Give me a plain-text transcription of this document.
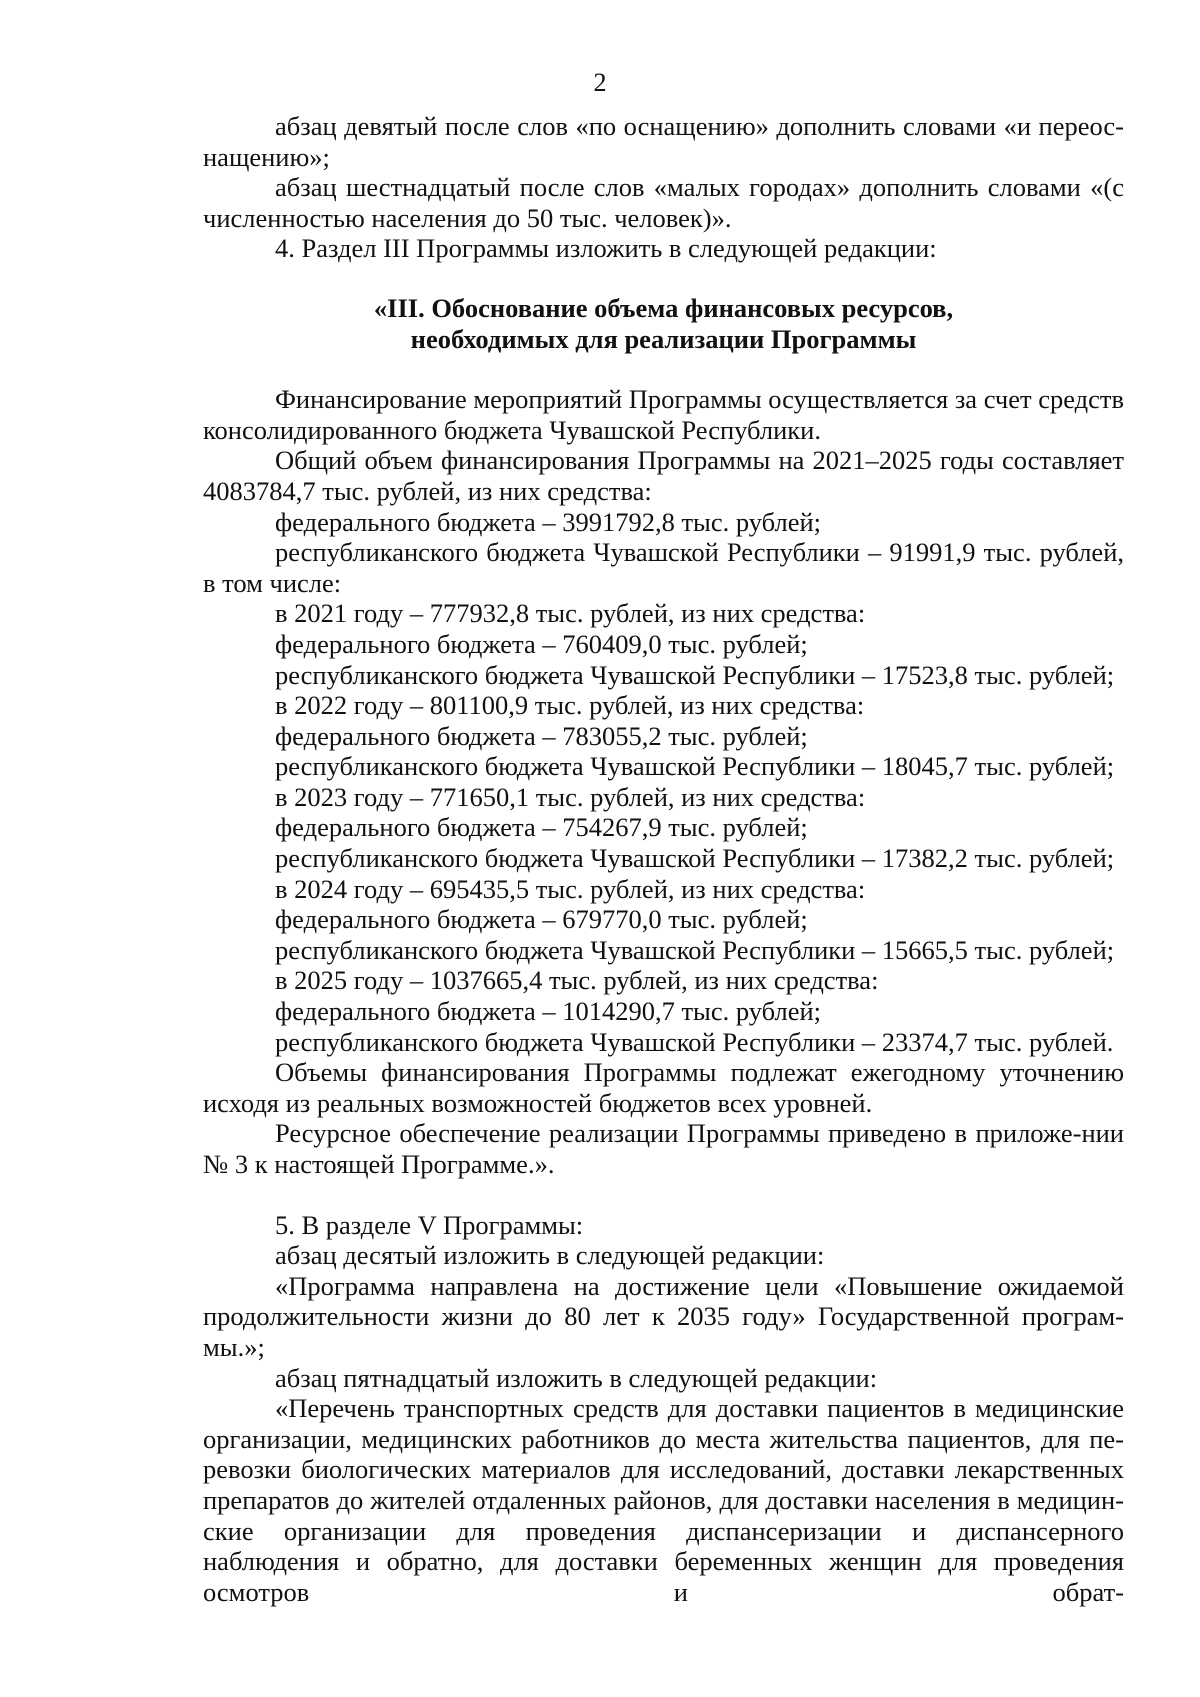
2

абзац девятый после слов «по оснащению» дополнить словами «и переос-нащению»;

абзац шестнадцатый после слов «малых городах» дополнить словами «(с численностью населения до 50 тыс. человек)».

4. Раздел III Программы изложить в следующей редакции:

«III. Обоснование объема финансовых ресурсов,
необходимых для реализации Программы

Финансирование мероприятий Программы осуществляется за счет средств консолидированного бюджета Чувашской Республики.

Общий объем финансирования Программы на 2021–2025 годы составляет 4083784,7 тыс. рублей, из них средства:

федерального бюджета – 3991792,8 тыс. рублей;

республиканского бюджета Чувашской Республики – 91991,9 тыс. рублей, в том числе:

в 2021 году – 777932,8 тыс. рублей, из них средства:

федерального бюджета – 760409,0 тыс. рублей;

республиканского бюджета Чувашской Республики – 17523,8 тыс. рублей;

в 2022 году – 801100,9 тыс. рублей, из них средства:

федерального бюджета – 783055,2 тыс. рублей;

республиканского бюджета Чувашской Республики – 18045,7 тыс. рублей;

в 2023 году – 771650,1 тыс. рублей, из них средства:

федерального бюджета – 754267,9 тыс. рублей;

республиканского бюджета Чувашской Республики – 17382,2 тыс. рублей;

в 2024 году – 695435,5 тыс. рублей, из них средства:

федерального бюджета – 679770,0 тыс. рублей;

республиканского бюджета Чувашской Республики – 15665,5 тыс. рублей;

в 2025 году – 1037665,4 тыс. рублей, из них средства:

федерального бюджета – 1014290,7 тыс. рублей;

республиканского бюджета Чувашской Республики – 23374,7 тыс. рублей.

Объемы финансирования Программы подлежат ежегодному уточнению исходя из реальных возможностей бюджетов всех уровней.

Ресурсное обеспечение реализации Программы приведено в приложе-нии № 3 к настоящей Программе.».

5. В разделе V Программы:

абзац десятый изложить в следующей редакции:

«Программа направлена на достижение цели «Повышение ожидаемой продолжительности жизни до 80 лет к 2035 году» Государственной програм-мы.»;

абзац пятнадцатый изложить в следующей редакции:

«Перечень транспортных средств для доставки пациентов в медицинские организации, медицинских работников до места жительства пациентов, для пе-ревозки биологических материалов для исследований, доставки лекарственных препаратов до жителей отдаленных районов, для доставки населения в медицин-ские организации для проведения диспансеризации и диспансерного наблюдения и обратно, для доставки беременных женщин для проведения осмотров и обрат-
